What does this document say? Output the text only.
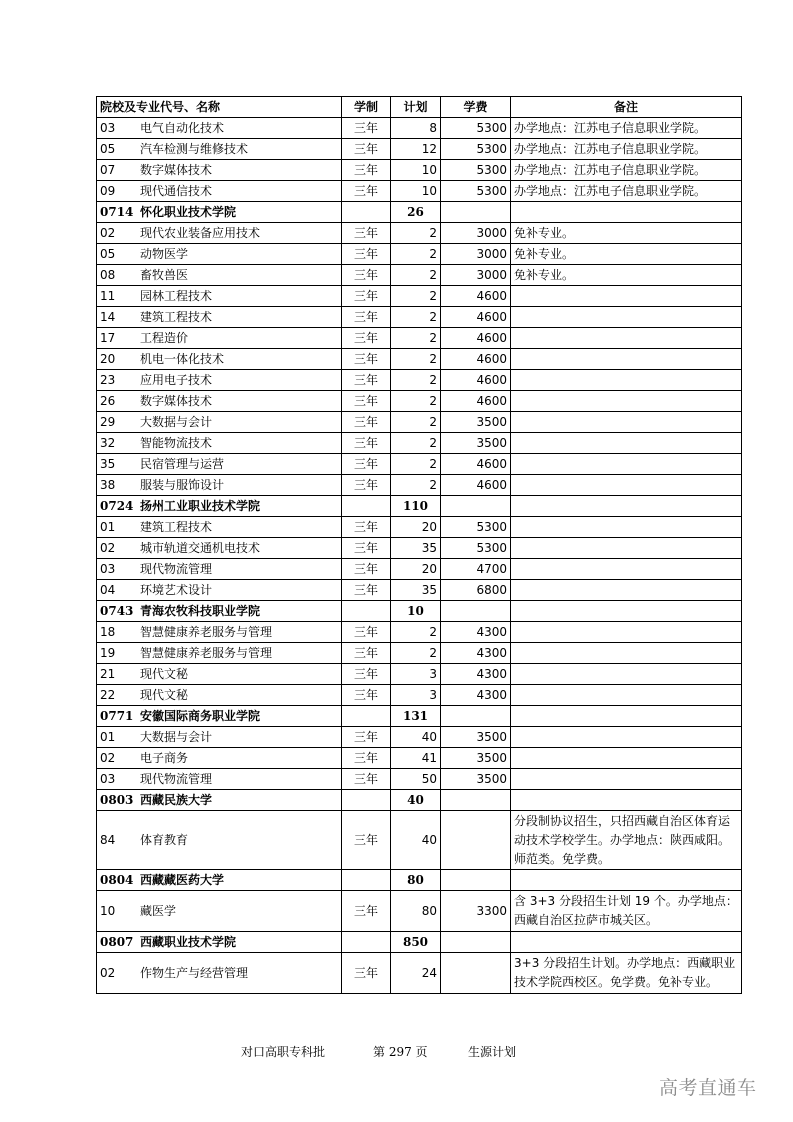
院校及专业代号、名称	学制	计划	学费	备注
03 电气自动化技术	三年	8	5300	办学地点：江苏电子信息职业学院。
05 汽车检测与维修技术	三年	12	5300	办学地点：江苏电子信息职业学院。
07 数字媒体技术	三年	10	5300	办学地点：江苏电子信息职业学院。
09 现代通信技术	三年	10	5300	办学地点：江苏电子信息职业学院。
0714 怀化职业技术学院		26		
02 现代农业装备应用技术	三年	2	3000	免补专业。
05 动物医学	三年	2	3000	免补专业。
08 畜牧兽医	三年	2	3000	免补专业。
11 园林工程技术	三年	2	4600	
14 建筑工程技术	三年	2	4600	
17 工程造价	三年	2	4600	
20 机电一体化技术	三年	2	4600	
23 应用电子技术	三年	2	4600	
26 数字媒体技术	三年	2	4600	
29 大数据与会计	三年	2	3500	
32 智能物流技术	三年	2	3500	
35 民宿管理与运营	三年	2	4600	
38 服装与服饰设计	三年	2	4600	
0724 扬州工业职业技术学院		110		
01 建筑工程技术	三年	20	5300	
02 城市轨道交通机电技术	三年	35	5300	
03 现代物流管理	三年	20	4700	
04 环境艺术设计	三年	35	6800	
0743 青海农牧科技职业学院		10		
18 智慧健康养老服务与管理	三年	2	4300	
19 智慧健康养老服务与管理	三年	2	4300	
21 现代文秘	三年	3	4300	
22 现代文秘	三年	3	4300	
0771 安徽国际商务职业学院		131		
01 大数据与会计	三年	40	3500	
02 电子商务	三年	41	3500	
03 现代物流管理	三年	50	3500	
0803 西藏民族大学		40		
84 体育教育	三年	40		分段制协议招生，只招西藏自治区体育运动技术学校学生。办学地点：陕西咸阳。师范类。免学费。
0804 西藏藏医药大学		80		
10 藏医学	三年	80	3300	含 3+3 分段招生计划 19 个。办学地点：西藏自治区拉萨市城关区。
0807 西藏职业技术学院		850		
02 作物生产与经营管理	三年	24		3+3 分段招生计划。办学地点：西藏职业技术学院西校区。免学费。免补专业。
对口高职专科批	第 297 页	生源计划
高考直通车
